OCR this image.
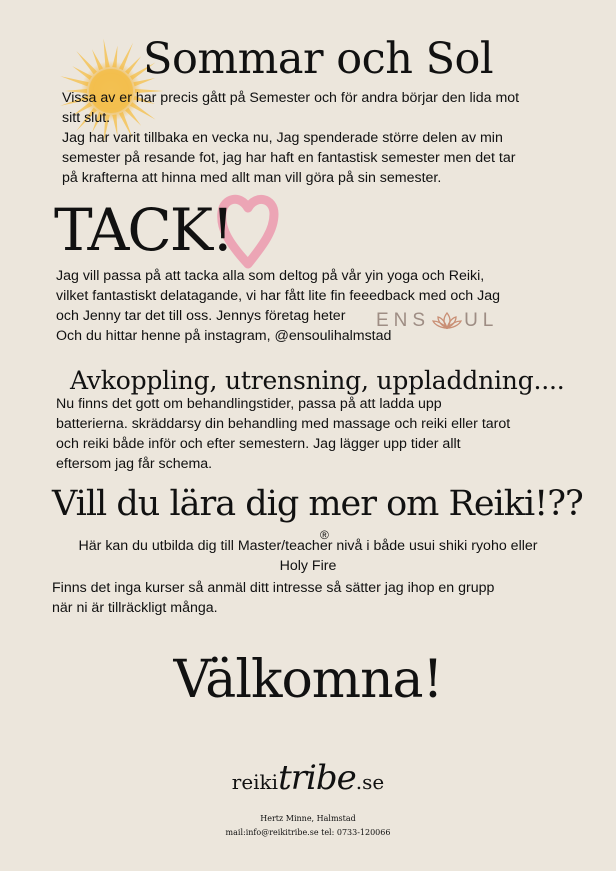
Sommar och Sol
Vissa av er har precis gått på Semester och för andra börjar den lida mot
sitt slut.
Jag har varit tillbaka en vecka nu, Jag spenderade större delen av min
semester på resande fot, jag har haft en fantastisk semester men det tar
på krafterna att hinna med allt man vill göra på sin semester.
TACK!
Jag vill passa på att tacka alla som deltog på vår yin yoga och Reiki,
vilket fantastiskt delatagande, vi har fått lite fin feeedback med och Jag
och Jenny tar det till oss. Jennys företag heter
Och du hittar henne på instagram, @ensoulihalmstad
ENS UL
Avkoppling, utrensning, uppladdning....
Nu finns det gott om behandlingstider, passa på att ladda upp
batterierna. skräddarsy din behandling med massage och reiki eller tarot
och reiki både inför och efter semestern. Jag lägger upp tider allt
eftersom jag får schema.
Vill du lära dig mer om Reiki!??
Här kan du utbilda dig till Master/teacher nivå i både usui shiki ryoho eller
Holy Fire
®
Finns det inga kurser så anmäl ditt intresse så sätter jag ihop en grupp
när ni är tillräckligt många.
Välkomna!
reikitribe.se
Hertz Minne, Halmstad
mail:info@reikitribe.se tel: 0733-120066
